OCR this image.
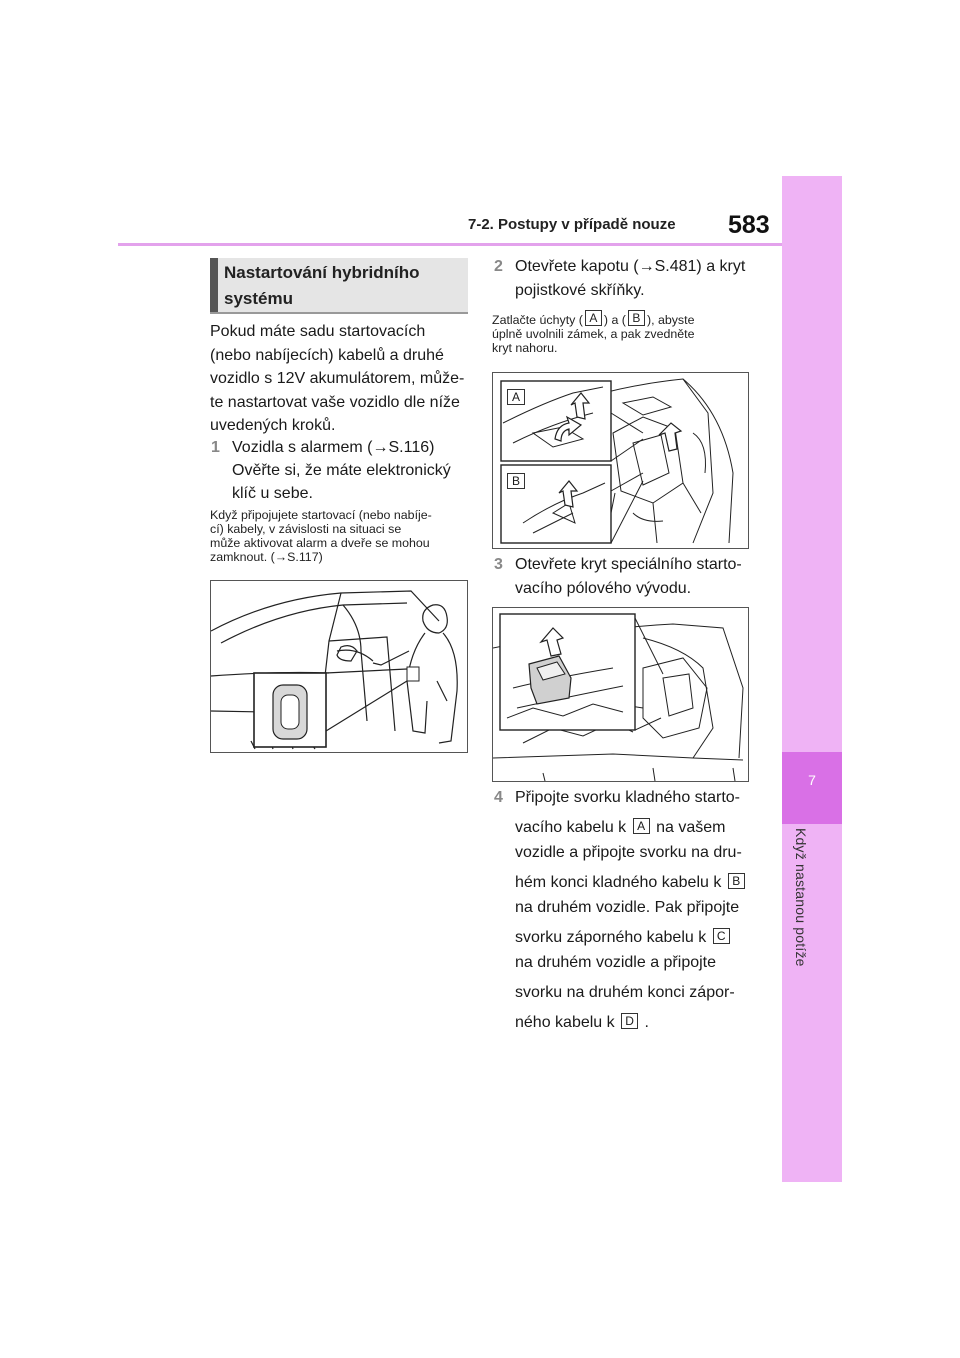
7-2. Postupy v případě nouze 583
7
Když nastanou potíže
Nastartování hybridního systému
Pokud máte sadu startovacích
(nebo nabíjecích) kabelů a druhé
vozidlo s 12V akumulátorem, může-
te nastartovat vaše vozidlo dle níže
uvedených kroků.
1 Vozidla s alarmem (→S.116)
Ověřte si, že máte elektronický
klíč u sebe.
Když připojujete startovací (nebo nabíje-
cí) kabely, v závislosti na situaci se
může aktivovat alarm a dveře se mohou
zamknout. (→S.117)
2 Otevřete kapotu (→S.481) a kryt
pojistkové skříňky.
Zatlačte úchyty ( A ) a ( B ), abyste
úplně uvolnili zámek, a pak zvedněte
kryt nahoru.
A
B
3 Otevřete kryt speciálního starto-
vacího pólového vývodu.
4 Připojte svorku kladného starto-
vacího kabelu k A na vašem
vozidle a připojte svorku na dru-
hém konci kladného kabelu k B
na druhém vozidle. Pak připojte
svorku záporného kabelu k C
na druhém vozidle a připojte
svorku na druhém konci zápor-
ného kabelu k D .
